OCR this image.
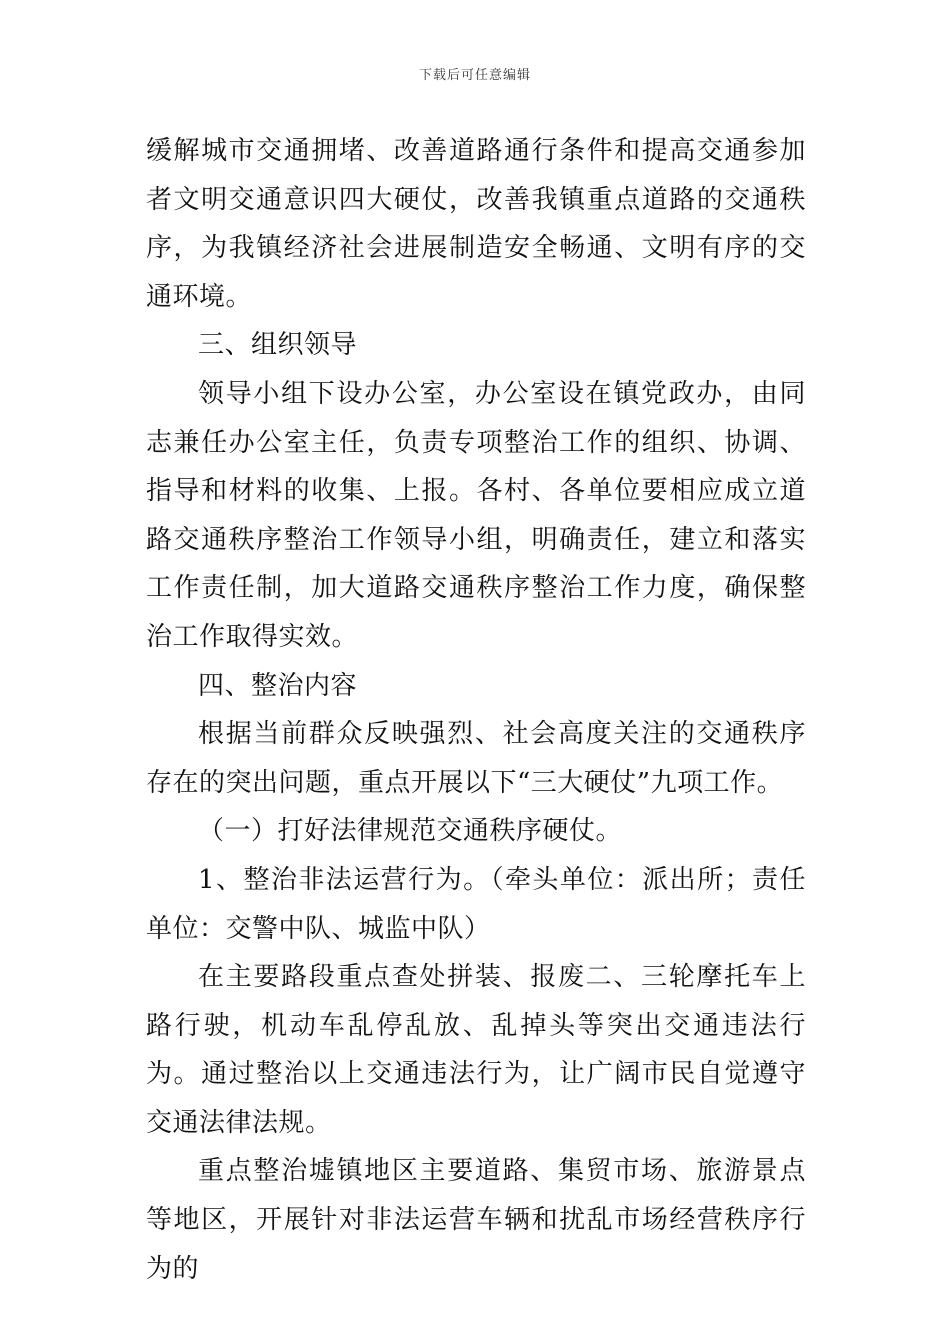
下载后可任意编辑

缓解城市交通拥堵、改善道路通行条件和提高交通参加者文明交通意识四大硬仗，改善我镇重点道路的交通秩序，为我镇经济社会进展制造安全畅通、文明有序的交通环境。

三、组织领导

领导小组下设办公室，办公室设在镇党政办，由同志兼任办公室主任，负责专项整治工作的组织、协调、指导和材料的收集、上报。各村、各单位要相应成立道路交通秩序整治工作领导小组，明确责任，建立和落实工作责任制，加大道路交通秩序整治工作力度，确保整治工作取得实效。

四、整治内容

根据当前群众反映强烈、社会高度关注的交通秩序存在的突出问题，重点开展以下“三大硬仗”九项工作。

（一）打好法律规范交通秩序硬仗。

1、整治非法运营行为。（牵头单位：派出所；责任单位：交警中队、城监中队）

在主要路段重点查处拼装、报废二、三轮摩托车上路行驶，机动车乱停乱放、乱掉头等突出交通违法行为。通过整治以上交通违法行为，让广阔市民自觉遵守交通法律法规。

重点整治墟镇地区主要道路、集贸市场、旅游景点等地区，开展针对非法运营车辆和扰乱市场经营秩序行为的
